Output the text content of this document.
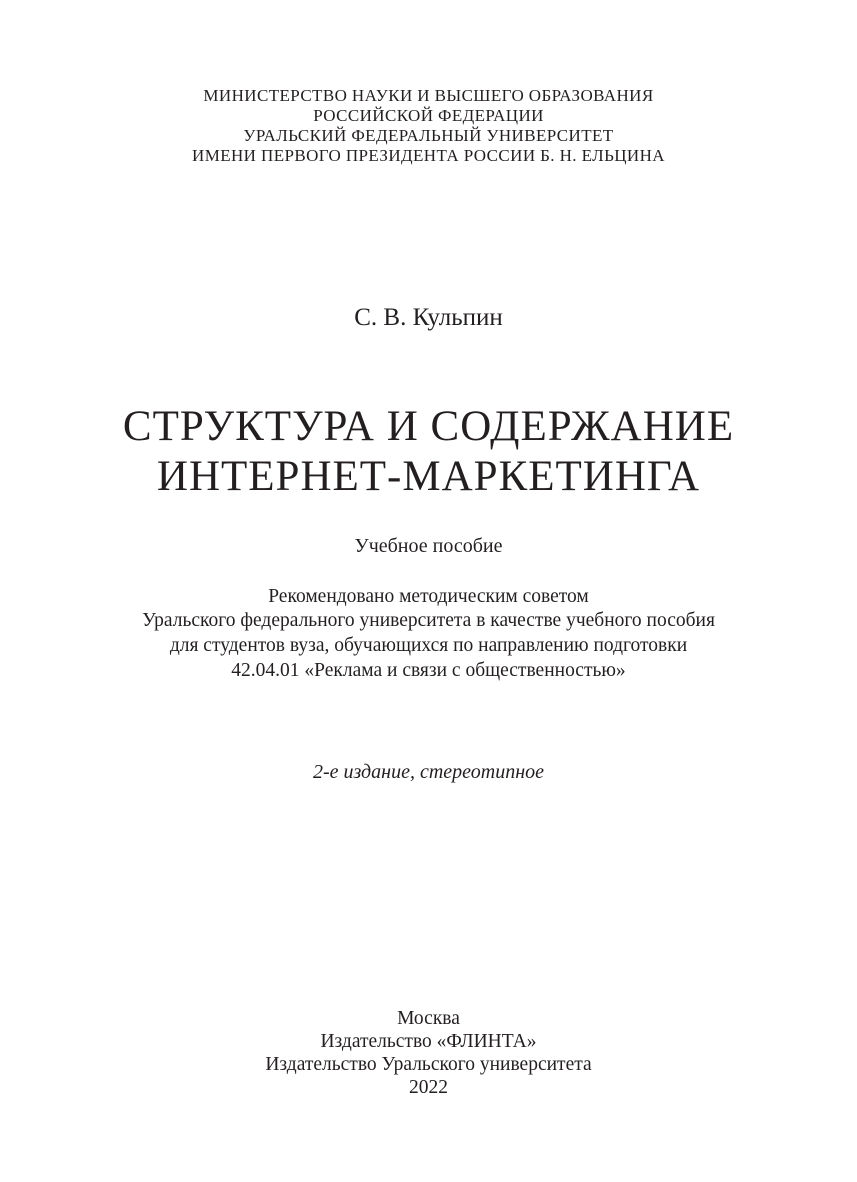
МИНИСТЕРСТВО НАУКИ И ВЫСШЕГО ОБРАЗОВАНИЯ
РОССИЙСКОЙ ФЕДЕРАЦИИ
УРАЛЬСКИЙ ФЕДЕРАЛЬНЫЙ УНИВЕРСИТЕТ
ИМЕНИ ПЕРВОГО ПРЕЗИДЕНТА РОССИИ Б. Н. ЕЛЬЦИНА
С. В. Кульпин
СТРУКТУРА И СОДЕРЖАНИЕ
ИНТЕРНЕТ-МАРКЕТИНГА
Учебное пособие
Рекомендовано методическим советом
Уральского федерального университета в качестве учебного пособия
для студентов вуза, обучающихся по направлению подготовки
42.04.01 «Реклама и связи с общественностью»
2-е издание, стереотипное
Москва
Издательство «ФЛИНТА»
Издательство Уральского университета
2022
